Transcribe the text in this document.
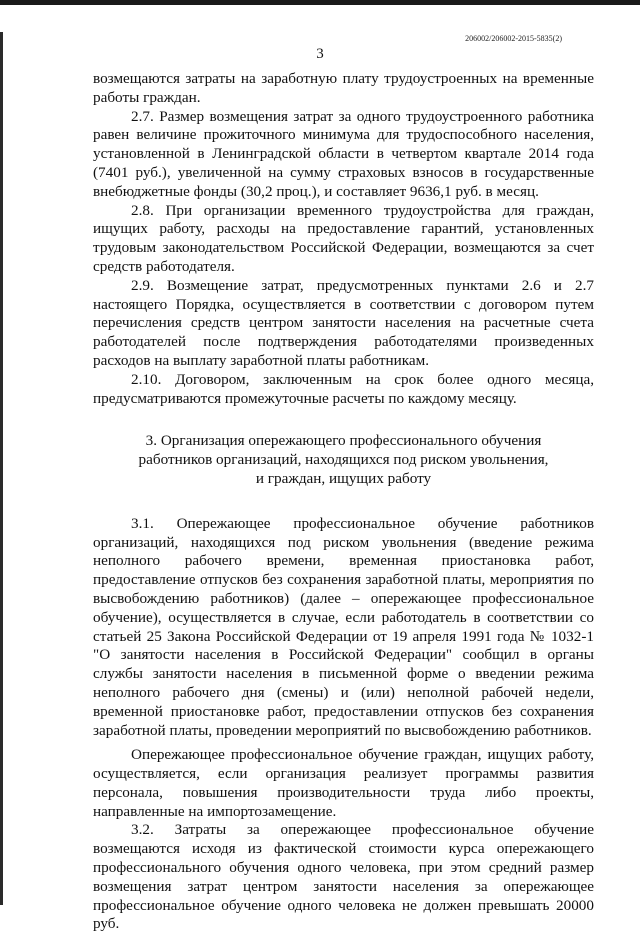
206002/206002-2015-5835(2)
3

возмещаются затраты на заработную плату трудоустроенных на временные работы граждан.

2.7. Размер возмещения затрат за одного трудоустроенного работника равен величине прожиточного минимума для трудоспособного населения, установленной в Ленинградской области в четвертом квартале 2014 года (7401 руб.), увеличенной на сумму страховых взносов в государственные внебюджетные фонды (30,2 проц.), и составляет 9636,1 руб. в месяц.

2.8. При организации временного трудоустройства для граждан, ищущих работу, расходы на предоставление гарантий, установленных трудовым законодательством Российской Федерации, возмещаются за счет средств работодателя.

2.9. Возмещение затрат, предусмотренных пунктами 2.6 и 2.7 настоящего Порядка, осуществляется в соответствии с договором путем перечисления средств центром занятости населения на расчетные счета работодателей после подтверждения работодателями произведенных расходов на выплату заработной платы работникам.

2.10. Договором, заключенным на срок более одного месяца, предусматриваются промежуточные расчеты по каждому месяцу.

3. Организация опережающего профессионального обучения
работников организаций, находящихся под риском увольнения,
и граждан, ищущих работу

3.1. Опережающее профессиональное обучение работников организаций, находящихся под риском увольнения (введение режима неполного рабочего времени, временная приостановка работ, предоставление отпусков без сохранения заработной платы, мероприятия по высвобождению работников) (далее – опережающее профессиональное обучение), осуществляется в случае, если работодатель в соответствии со статьей 25 Закона Российской Федерации от 19 апреля 1991 года № 1032-1 "О занятости населения в Российской Федерации" сообщил в органы службы занятости населения в письменной форме о введении режима неполного рабочего дня (смены) и (или) неполной рабочей недели, временной приостановке работ, предоставлении отпусков без сохранения заработной платы, проведении мероприятий по высвобождению работников.

Опережающее профессиональное обучение граждан, ищущих работу, осуществляется, если организация реализует программы развития персонала, повышения производительности труда либо проекты, направленные на импортозамещение.

3.2. Затраты за опережающее профессиональное обучение возмещаются исходя из фактической стоимости курса опережающего профессионального обучения одного человека, при этом средний размер возмещения затрат центром занятости населения за опережающее профессиональное обучение одного человека не должен превышать 20000 руб.
